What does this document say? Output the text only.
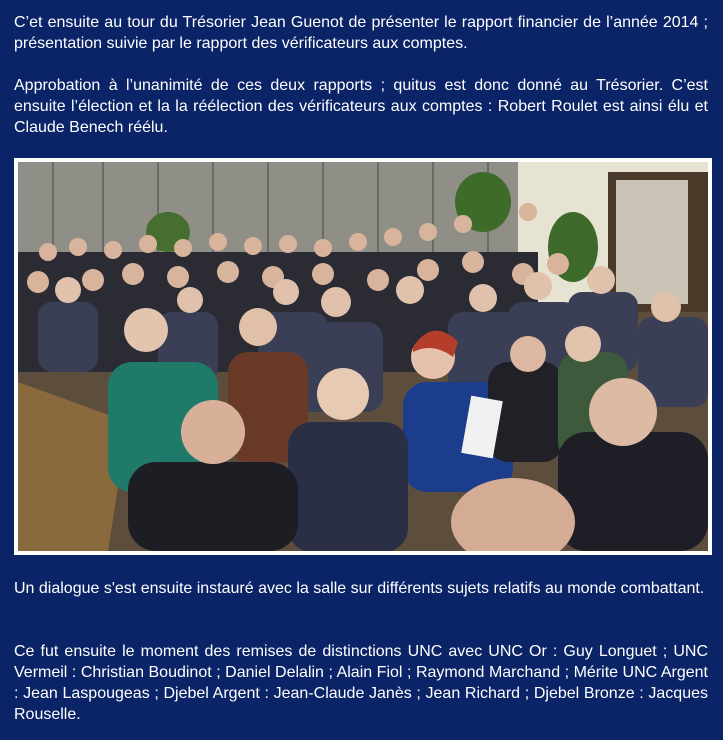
C’et ensuite au tour du Trésorier Jean Guenot de présenter le rapport financier de l’année 2014 ; présentation suivie par le rapport des vérificateurs aux comptes.

Approbation à l’unanimité de ces deux rapports ; quitus est donc donné au Trésorier. C’est ensuite l’élection et la la réélection des vérificateurs aux comptes : Robert Roulet est ainsi élu et Claude Benech réélu.

Un dialogue s'est ensuite instauré avec la salle sur différents sujets relatifs au monde combattant.

Ce fut ensuite le moment des remises de distinctions UNC avec UNC Or : Guy Longuet ; UNC Vermeil : Christian Boudinot ; Daniel Delalin ; Alain Fiol ; Raymond Marchand ; Mérite UNC Argent : Jean Laspougeas ; Djebel Argent : Jean-Claude Janès ; Jean Richard ; Djebel Bronze : Jacques Rouselle.
